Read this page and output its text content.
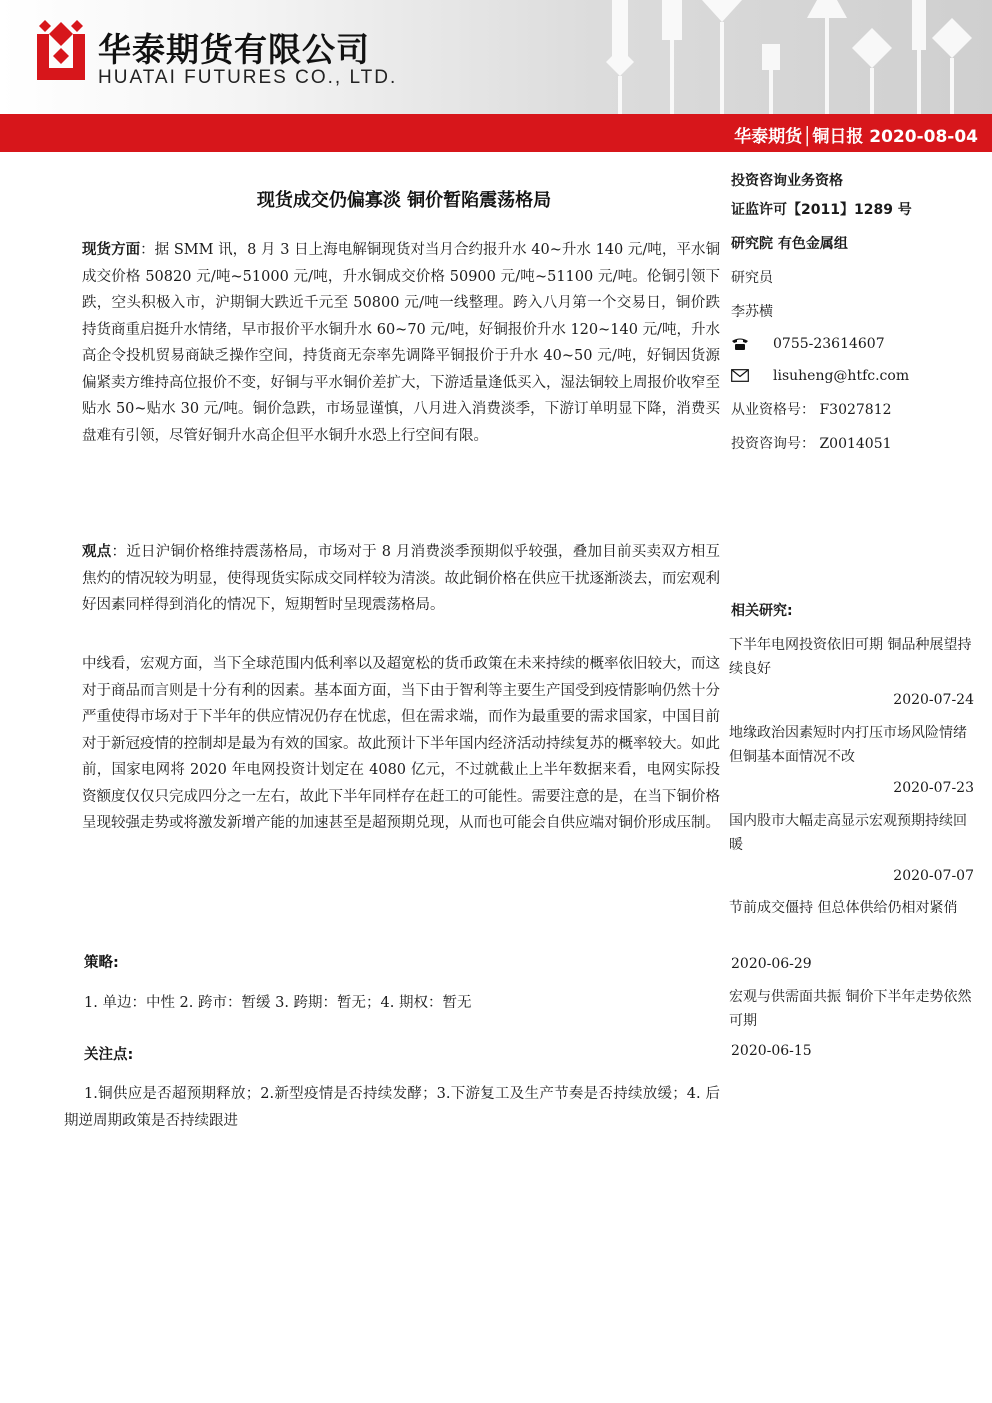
华泰期货有限公司
HUATAI FUTURES CO., LTD.
华泰期货│铜日报 2020-08-04
现货成交仍偏寡淡 铜价暂陷震荡格局

现货方面：据 SMM 讯，8 月 3 日上海电解铜现货对当月合约报升水 40~升水 140 元/吨，平水铜成交价格 50820 元/吨~51000 元/吨，升水铜成交价格 50900 元/吨~51100 元/吨。伦铜引领下跌，空头积极入市，沪期铜大跌近千元至 50800 元/吨一线整理。跨入八月第一个交易日，铜价跌持货商重启挺升水情绪，早市报价平水铜升水 60~70 元/吨，好铜报价升水 120~140 元/吨，升水高企令投机贸易商缺乏操作空间，持货商无奈率先调降平铜报价于升水 40~50 元/吨，好铜因货源偏紧卖方维持高位报价不变，好铜与平水铜价差扩大，下游适量逢低买入，湿法铜较上周报价收窄至贴水 50~贴水 30 元/吨。铜价急跌，市场显谨慎，八月进入消费淡季，下游订单明显下降，消费买盘难有引领，尽管好铜升水高企但平水铜升水恐上行空间有限。

观点：近日沪铜价格维持震荡格局，市场对于 8 月消费淡季预期似乎较强，叠加目前买卖双方相互焦灼的情况较为明显，使得现货实际成交同样较为清淡。故此铜价格在供应干扰逐渐淡去，而宏观利好因素同样得到消化的情况下，短期暂时呈现震荡格局。

中线看，宏观方面，当下全球范围内低利率以及超宽松的货币政策在未来持续的概率依旧较大，而这对于商品而言则是十分有利的因素。基本面方面，当下由于智利等主要生产国受到疫情影响仍然十分严重使得市场对于下半年的供应情况仍存在忧虑，但在需求端，而作为最重要的需求国家，中国目前对于新冠疫情的控制却是最为有效的国家。故此预计下半年国内经济活动持续复苏的概率较大。如此前，国家电网将 2020 年电网投资计划定在 4080 亿元，不过就截止上半年数据来看，电网实际投资额度仅仅只完成四分之一左右，故此下半年同样存在赶工的可能性。需要注意的是，在当下铜价格呈现较强走势或将激发新增产能的加速甚至是超预期兑现，从而也可能会自供应端对铜价形成压制。

策略:

1. 单边：中性 2. 跨市：暂缓 3. 跨期：暂无；4. 期权：暂无

关注点:

1.铜供应是否超预期释放；2.新型疫情是否持续发酵；3.下游复工及生产节奏是否持续放缓；4. 后期逆周期政策是否持续跟进

投资咨询业务资格
证监许可【2011】1289 号
研究院 有色金属组
研究员
李苏横
0755-23614607
lisuheng@htfc.com
从业资格号： F3027812
投资咨询号： Z0014051
相关研究:
下半年电网投资依旧可期 铜品种展望持续良好
2020-07-24
地缘政治因素短时内打压市场风险情绪 但铜基本面情况不改
2020-07-23
国内股市大幅走高显示宏观预期持续回暖
2020-07-07
节前成交僵持 但总体供给仍相对紧俏
2020-06-29
宏观与供需面共振 铜价下半年走势依然可期
2020-06-15
